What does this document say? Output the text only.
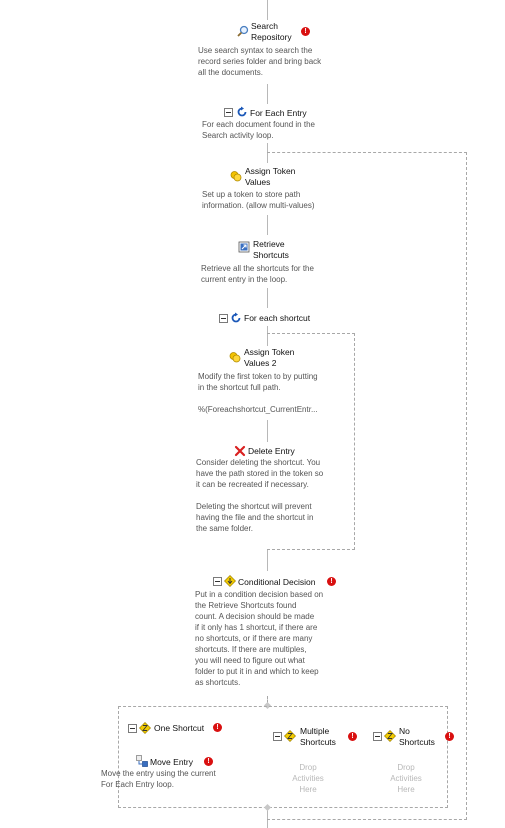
Search
Repository
!
Use search syntax to search the
record series folder and bring back
all the documents.
For Each Entry
For each document found in the
Search activity loop.
Assign Token
Values
Set up a token to store path
information. (allow multi-values)
Retrieve
Shortcuts
Retrieve all the shortcuts for the
current entry in the loop.
For each shortcut
Assign Token
Values 2
Modify the first token to by putting
in the shortcut full path.

%(Foreachshortcut_CurrentEntr...
Delete Entry
Consider deleting the shortcut. You
have the path stored in the token so
it can be recreated if necessary.

Deleting the shortcut will prevent
having the file and the shortcut in
the same folder.
Conditional Decision	!
Put in a condition decision based on
the Retrieve Shortcuts found
count. A decision should be made
if it only has 1 shortcut, if there are
no shortcuts, or if there are many
shortcuts. If there are multiples,
you will need to figure out what
folder to put it in and which to keep
as shortcuts.
One Shortcut	!
Move Entry	!
Move the entry using the current
For Each Entry loop.
Multiple
Shortcuts
!
No
Shortcuts
!
Drop
Activities
Here
Drop
Activities
Here
